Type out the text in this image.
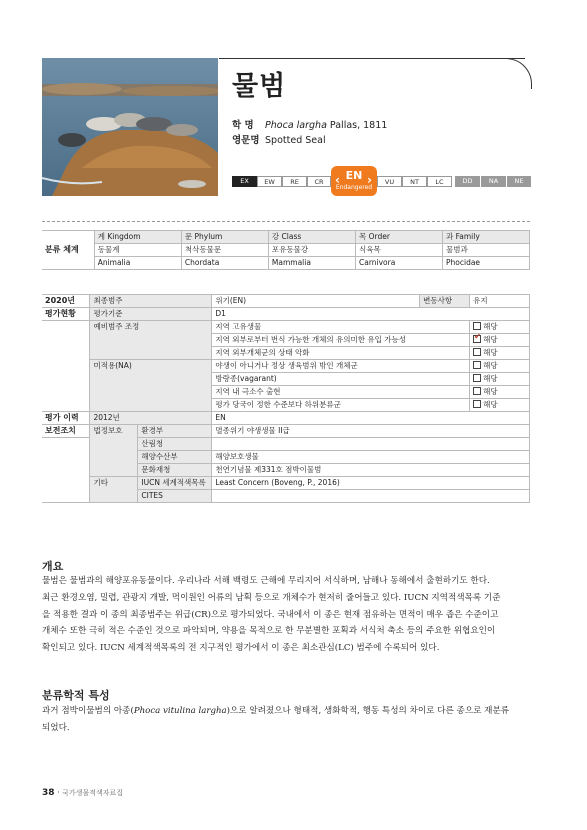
물범
학 명 Phoca largha Pallas, 1811
영문명 Spotted Seal
EX	EW	RE	CR	EN
Endangered
‹ ›	VU	NT	LC	DD	NA	NE
분류 체계	계 Kingdom	문 Phylum	강 Class	목 Order	과 Family
	동물계	척삭동물문	포유동물강	식육목	물범과
	Animalia	Chordata	Mammalia	Carnivora	Phocidae
2020년	최종범주		위기(EN)	변동사항	유지
평가현황	평가기준		D1		
	예비범주 조정		지역 고유생물		해당
			지역 외부로부터 번식 가능한 개체의 유의미한 유입 가능성	✔해당
			지역 외부개체군의 상태 악화		해당
	미적용(NA)		야생이 아니거나 정상 생육범위 밖인 개체군		해당
			방랑종(vagarant)		해당
			지역 내 극소수 출현		해당
			평가 당국이 정한 수준보다 하위분류군		해당
평가 이력	2012년		EN		
보전조치	법정보호	환경부	멸종위기 야생생물 II급		
		산림청			
		해양수산부	해양보호생물		
		문화재청	천연기념물 제331호 점박이물범		
	기타	IUCN 세계적색목록	Least Concern (Boveng, P., 2016)		
		CITES			
개요
물범은 물범과의 해양포유동물이다. 우리나라 서해 백령도 근해에 무리지어 서식하며, 남해나 동해에서 출현하기도 한다.
최근 환경오염, 밀렵, 관광지 개발, 먹이원인 어류의 남획 등으로 개체수가 현저히 줄어들고 있다. IUCN 지역적색목록 기준
을 적용한 결과 이 종의 최종범주는 위급(CR)으로 평가되었다. 국내에서 이 종은 현재 점유하는 면적이 매우 좁은 수준이고
개체수 또한 극히 적은 수준인 것으로 파악되며, 약용을 목적으로 한 무분별한 포획과 서식처 축소 등의 주요한 위협요인이
확인되고 있다. IUCN 세계적색목록의 전 지구적인 평가에서 이 종은 최소관심(LC) 범주에 수록되어 있다.
분류학적 특성
과거 점박이물범의 아종(Phoca vitulina largha)으로 알려졌으나 형태적, 생화학적, 행동 특성의 차이로 다른 종으로 재분류
되었다.
38 · 국가생물적색자료집
